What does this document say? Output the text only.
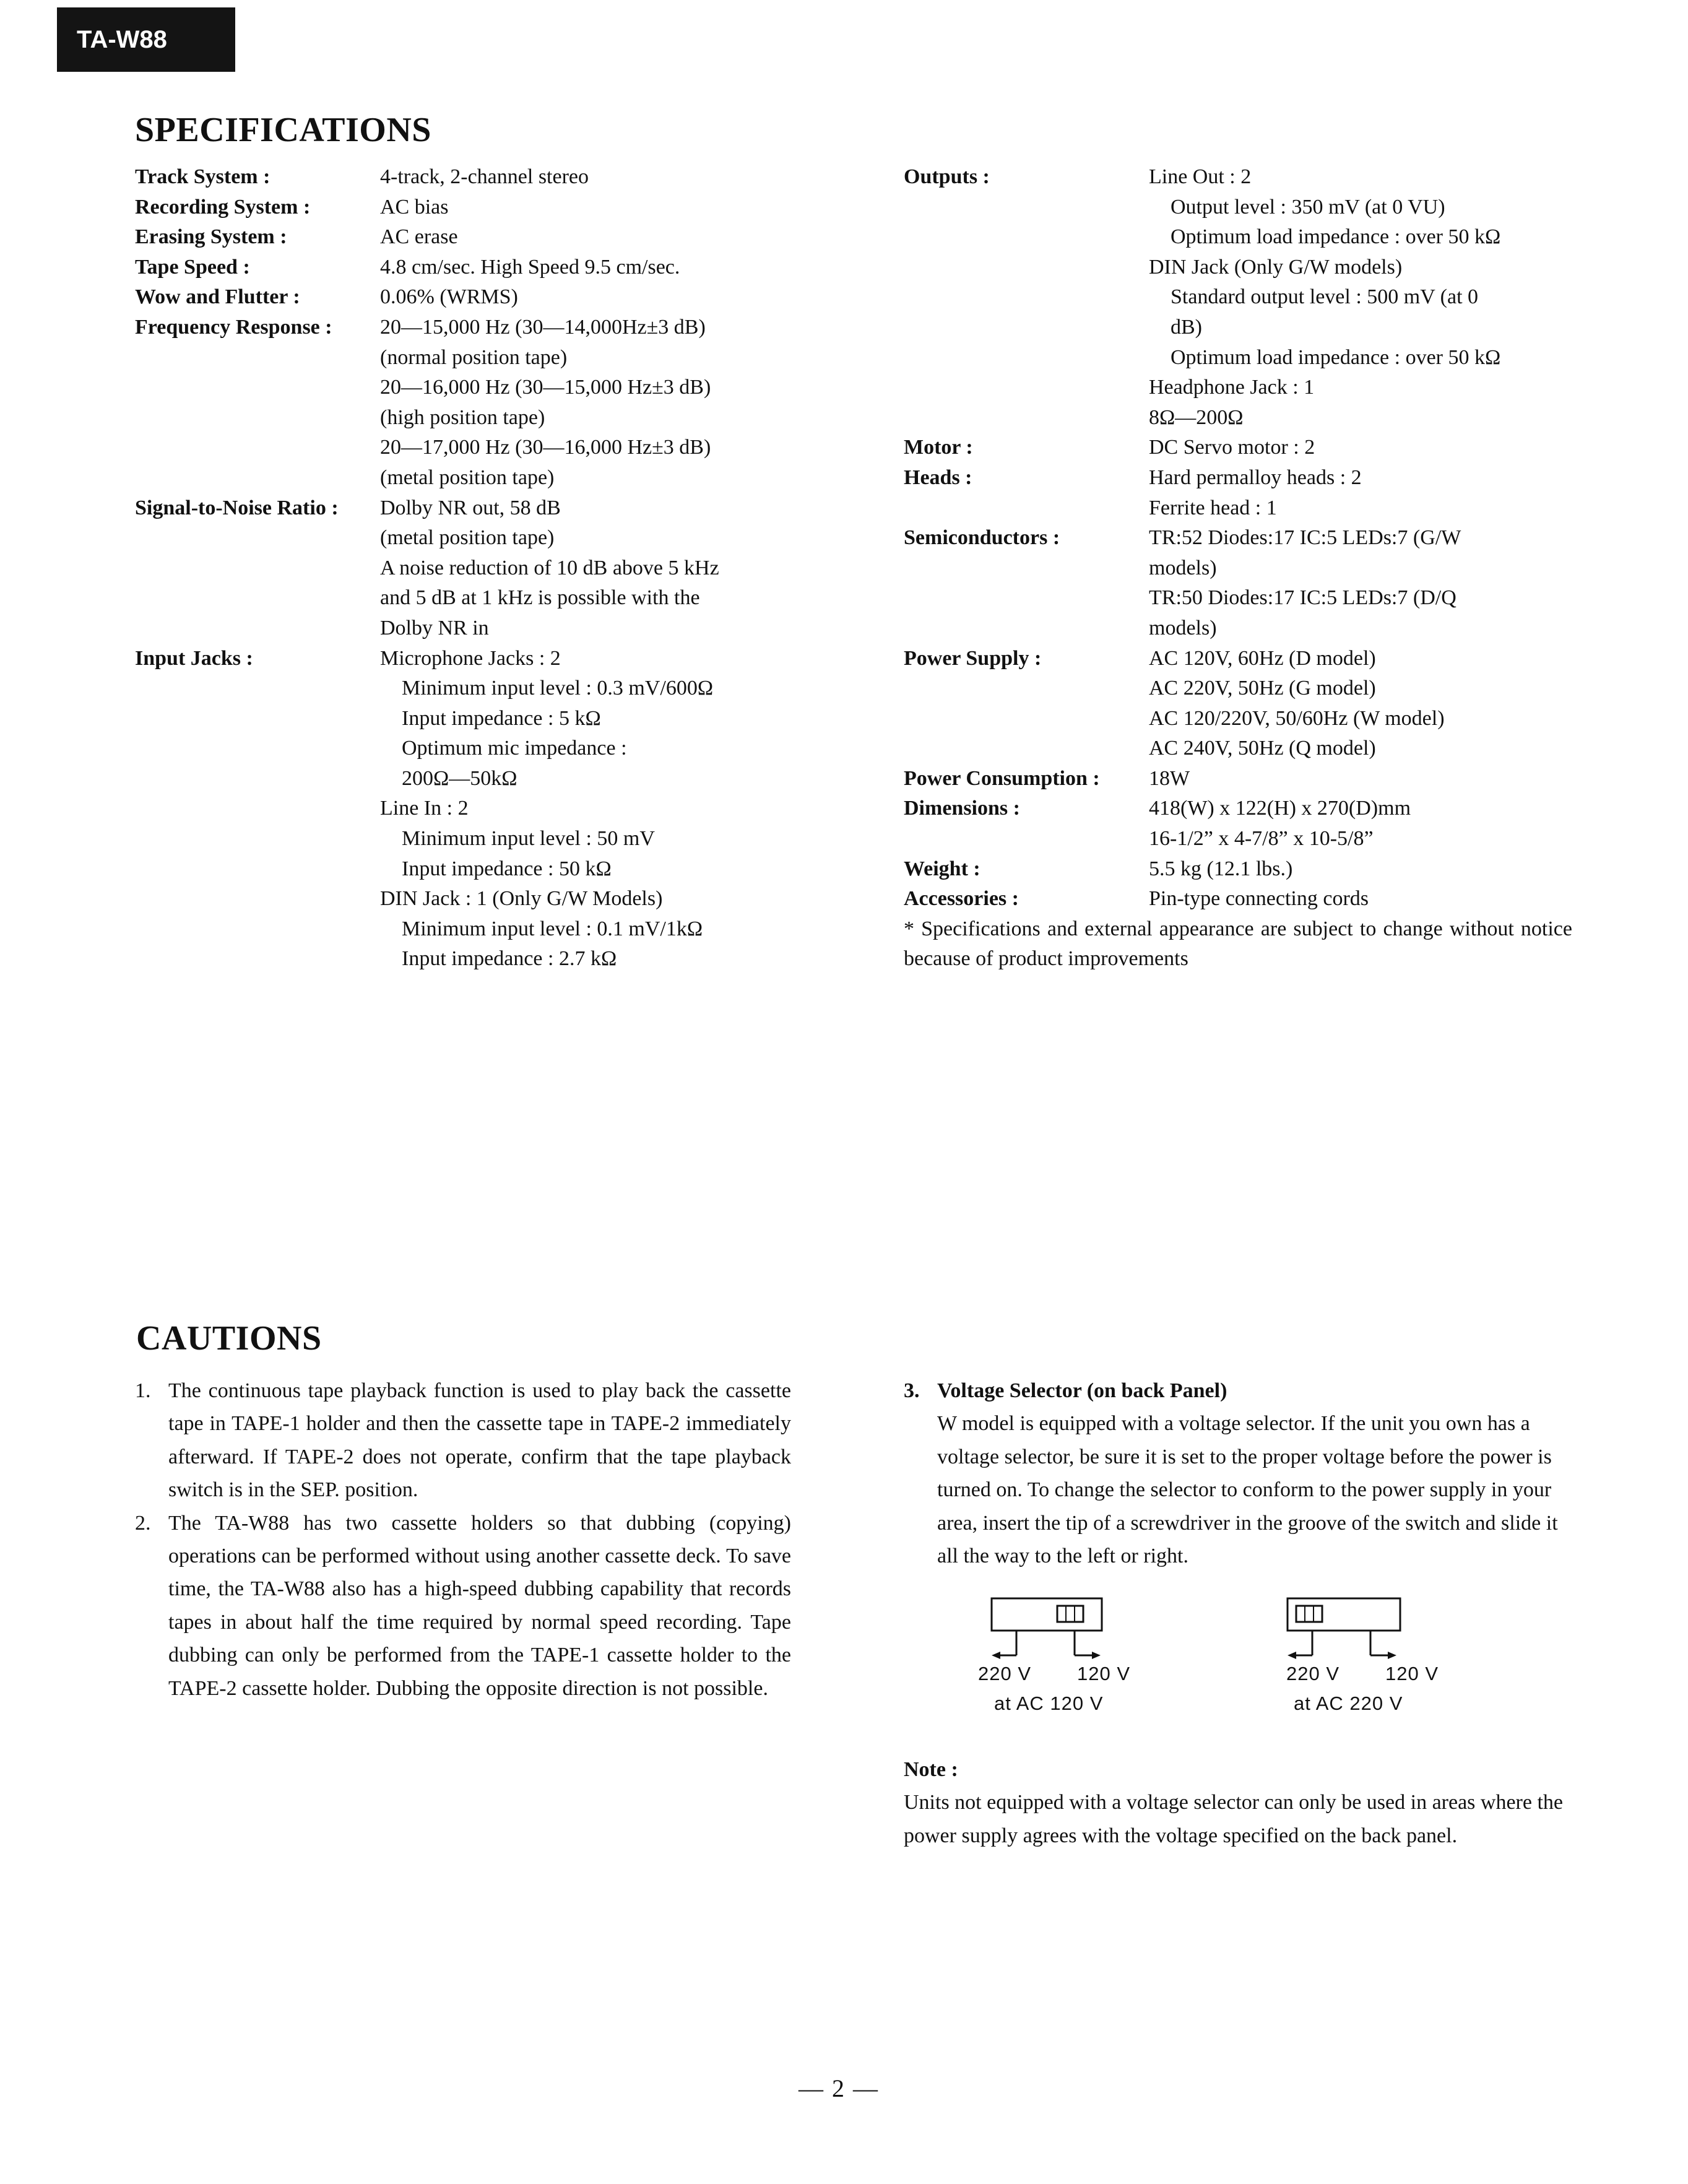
TA-W88
SPECIFICATIONS
Track System :	4-track, 2-channel stereo
Recording System :	AC bias
Erasing System :	AC erase
Tape Speed :	4.8 cm/sec. High Speed 9.5 cm/sec.
Wow and Flutter :	0.06% (WRMS)
Frequency Response :	20—15,000 Hz (30—14,000Hz±3 dB)
(normal position tape)
20—16,000 Hz (30—15,000 Hz±3 dB)
(high position tape)
20—17,000 Hz (30—16,000 Hz±3 dB)
(metal position tape)
Signal-to-Noise Ratio :	Dolby NR out, 58 dB
(metal position tape)
A noise reduction of 10 dB above 5 kHz
and 5 dB at 1 kHz is possible with the
Dolby NR in
Input Jacks :	Microphone Jacks : 2
Minimum input level : 0.3 mV/600Ω
Input impedance : 5 kΩ
Optimum mic impedance :
200Ω—50kΩ
Line In : 2
Minimum input level : 50 mV
Input impedance : 50 kΩ
DIN Jack : 1 (Only G/W Models)
Minimum input level : 0.1 mV/1kΩ
Input impedance : 2.7 kΩ
Outputs :	Line Out : 2
Output level : 350 mV (at 0 VU)
Optimum load impedance : over 50 kΩ
DIN Jack (Only G/W models)
Standard output level : 500 mV (at 0
dB)
Optimum load impedance : over 50 kΩ
Headphone Jack : 1
8Ω—200Ω
Motor :	DC Servo motor : 2
Heads :	Hard permalloy heads : 2
Ferrite head : 1
Semiconductors :	TR:52 Diodes:17 IC:5 LEDs:7 (G/W
models)
TR:50 Diodes:17 IC:5 LEDs:7 (D/Q
models)
Power Supply :	AC 120V, 60Hz (D model)
AC 220V, 50Hz (G model)
AC 120/220V, 50/60Hz (W model)
AC 240V, 50Hz (Q model)
Power Consumption :	18W
Dimensions :	418(W) x 122(H) x 270(D)mm
16-1/2” x 4-7/8” x 10-5/8”
Weight :	5.5 kg (12.1 lbs.)
Accessories :	Pin-type connecting cords
* Specifications and external appearance are subject to change without notice because of product improvements
CAUTIONS
1. The continuous tape playback function is used to play back the cassette tape in TAPE-1 holder and then the cassette tape in TAPE-2 immediately afterward. If TAPE-2 does not operate, confirm that the tape playback switch is in the SEP. position.
2. The TA-W88 has two cassette holders so that dubbing (copying) operations can be performed without using another cassette deck. To save time, the TA-W88 also has a high-speed dubbing capability that records tapes in about half the time required by normal speed recording. Tape dubbing can only be performed from the TAPE-1 cassette holder to the TAPE-2 cassette holder. Dubbing the opposite direction is not possible.
3. Voltage Selector (on back Panel)
W model is equipped with a voltage selector. If the unit you own has a voltage selector, be sure it is set to the proper voltage before the power is turned on. To change the selector to conform to the power supply in your area, insert the tip of a screwdriver in the groove of the switch and slide it all the way to the left or right.
220 V 120 V
at AC 120 V
220 V 120 V
at AC 220 V
Note :
Units not equipped with a voltage selector can only be used in areas where the power supply agrees with the voltage specified on the back panel.
— 2 —
